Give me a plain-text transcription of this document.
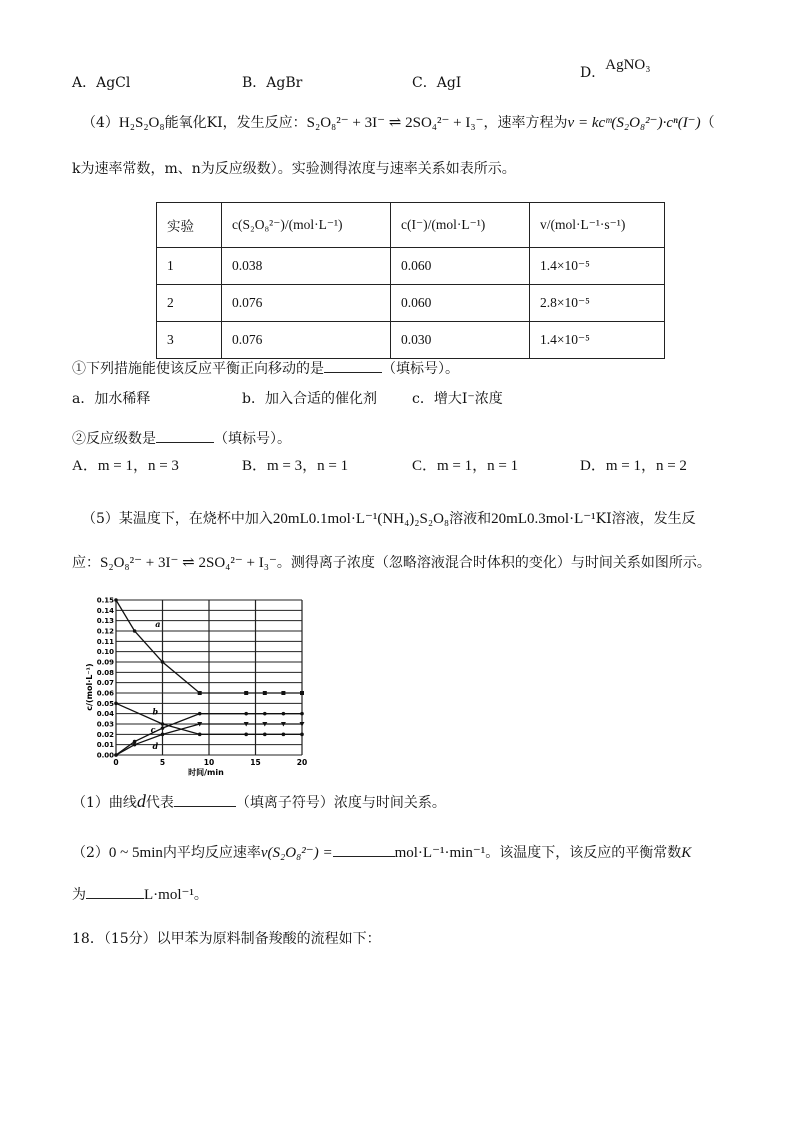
A．AgCl	B．AgBr	C．AgI
D．AgNO₃
（4）H₂S₂O₈能氧化KI，发生反应：S₂O₈²⁻ + 3I⁻ ⇌ 2SO₄²⁻ + I₃⁻，速率方程为v = kcᵐ(S₂O₈²⁻)·cⁿ(I⁻)（
k为速率常数，m、n为反应级数）。实验测得浓度与速率关系如表所示。
实验	c(S₂O₈²⁻)/(mol·L⁻¹)	c(I⁻)/(mol·L⁻¹)	v/(mol·L⁻¹·s⁻¹)
1	0.038	0.060	1.4×10⁻⁵
2	0.076	0.060	2.8×10⁻⁵
3	0.076	0.030	1.4×10⁻⁵
①下列措施能使该反应平衡正向移动的是	（填标号）。
a．加水稀释	b．加入合适的催化剂	c．增大I⁻浓度
②反应级数是	（填标号）。
A．m = 1，n = 3	B．m = 3，n = 1	C．m = 1，n = 1	D．m = 1，n = 2
（5）某温度下，在烧杯中加入20mL0.1mol·L⁻¹(NH₄)₂S₂O₈溶液和20mL0.3mol·L⁻¹KI溶液，发生反
应：S₂O₈²⁻ + 3I⁻ ⇌ 2SO₄²⁻ + I₃⁻。测得离子浓度（忽略溶液混合时体积的变化）与时间关系如图所示。
0.00
0.01
0.02
0.03
0.04
0.05
0.06
0.07
0.08
0.09
0.10
0.11
0.12
0.13
0.14
0.15
0	5	10	15	20
a
b
c
d
c/(mol·L⁻¹)
时间/min
（1）曲线d代表	（填离子符号）浓度与时间关系。
（2）0 ~ 5min内平均反应速率v(S₂O₈²⁻) =	mol·L⁻¹·min⁻¹。该温度下，该反应的平衡常数K
为	L·mol⁻¹。
18．（15分）以甲苯为原料制备羧酸的流程如下：
